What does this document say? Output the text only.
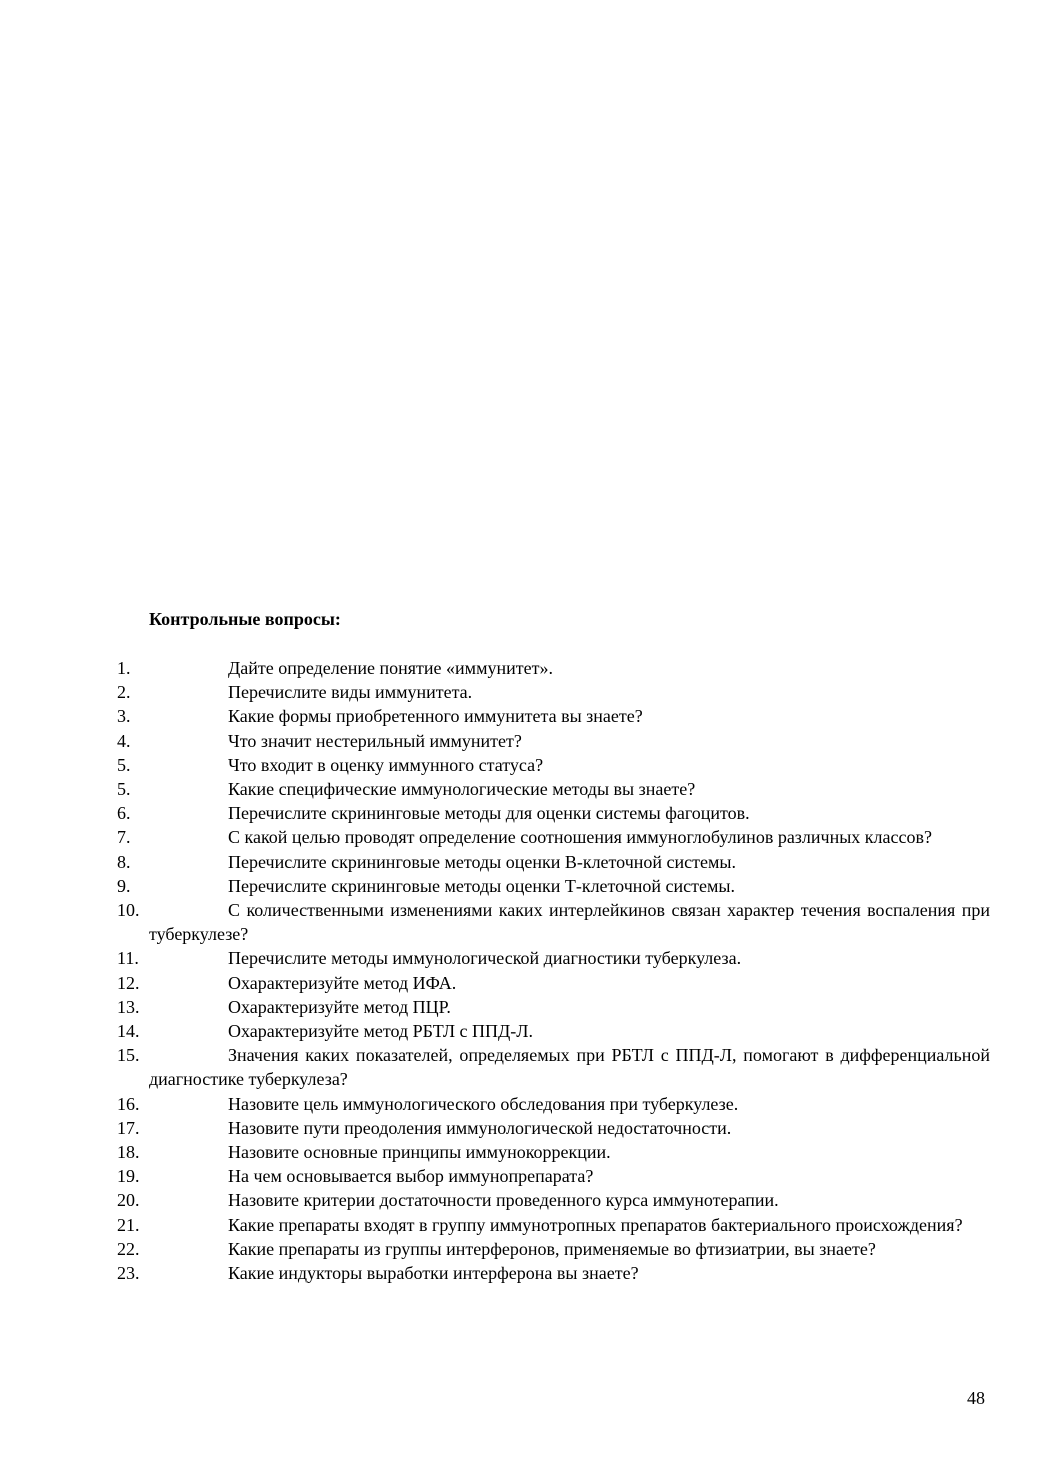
Контрольные вопросы:
1.	Дайте определение понятие «иммунитет».
2.	Перечислите виды иммунитета.
3.	Какие формы приобретенного иммунитета вы знаете?
4.	Что значит нестерильный иммунитет?
5.	Что входит в оценку иммунного статуса?
5.	Какие специфические иммунологические методы вы знаете?
6.	Перечислите скрининговые методы для оценки системы фагоцитов.
7.	С какой целью проводят определение соотношения иммуноглобулинов различных классов?
8.	Перечислите скрининговые методы оценки В-клеточной системы.
9.	Перечислите скрининговые методы оценки Т-клеточной системы.
10.	С количественными изменениями каких интерлейкинов связан характер течения воспаления при туберкулезе?
11.	Перечислите методы иммунологической диагностики туберкулеза.
12.	Охарактеризуйте метод ИФА.
13.	Охарактеризуйте метод ПЦР.
14.	Охарактеризуйте метод РБТЛ с ППД-Л.
15.	Значения каких показателей, определяемых при РБТЛ с ППД-Л, помогают в дифференциальной диагностике туберкулеза?
16.	Назовите цель иммунологического обследования при туберкулезе.
17.	Назовите пути преодоления иммунологической недостаточности.
18.	Назовите основные принципы иммунокоррекции.
19.	На чем основывается выбор иммунопрепарата?
20.	Назовите критерии достаточности проведенного курса иммунотерапии.
21.	Какие препараты входят в группу иммунотропных препаратов бактериального происхождения?
22.	Какие препараты из группы интерферонов, применяемые во фтизиатрии, вы знаете?
23.	Какие индукторы выработки интерферона вы знаете?
48
